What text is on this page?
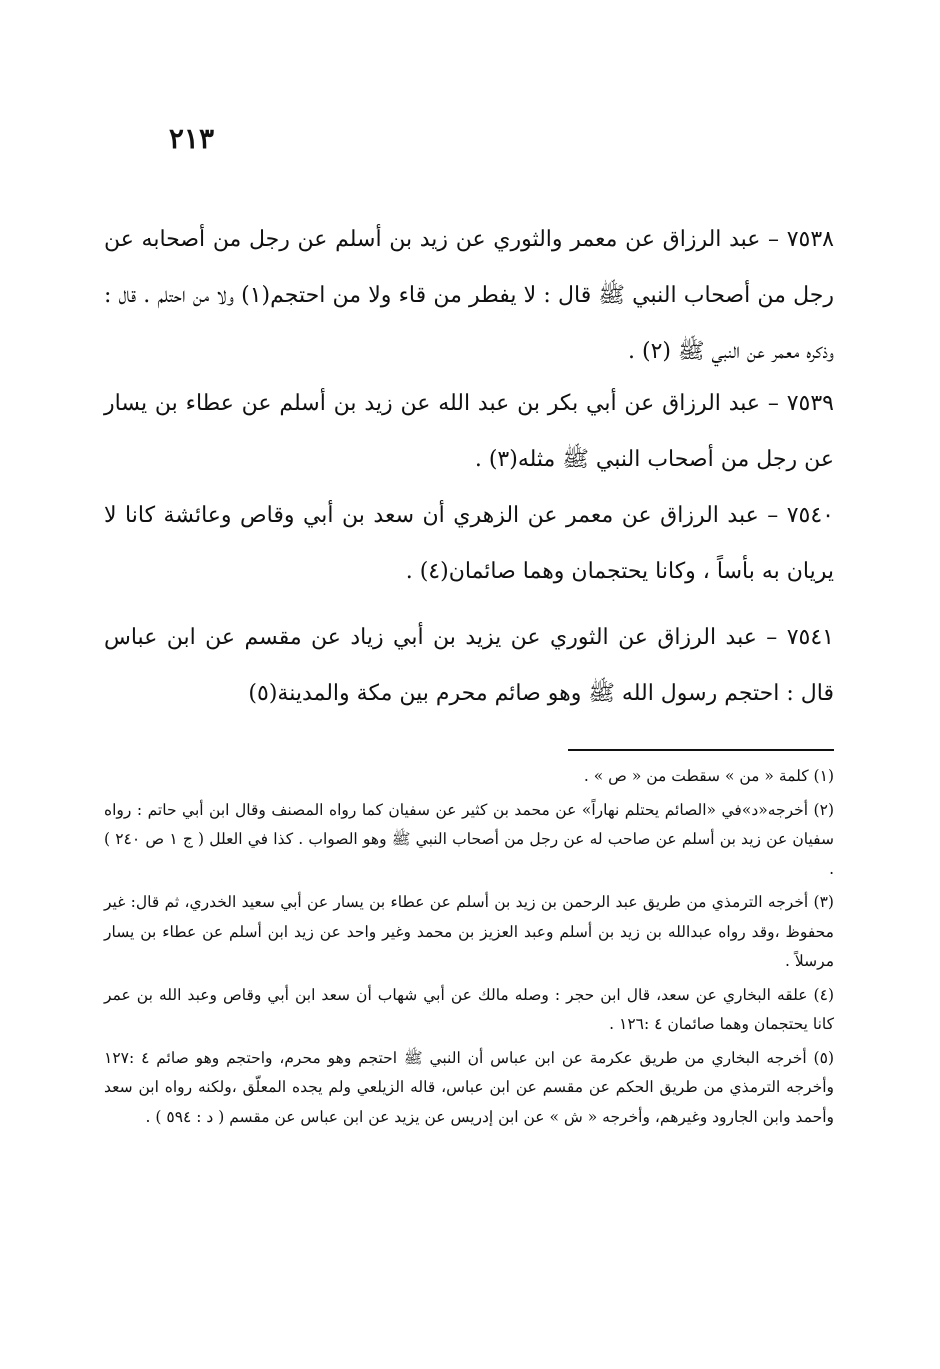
٢١٣

٧٥٣٨ – عبد الرزاق عن معمر والثوري عن زيد بن أسلم عن رجل من أصحابه عن رجل من أصحاب النبي ﷺ قال : لا يفطر من قاء ولا من احتجم(١) ولا من احتلم . قال : وذكره معمر عن النبي ﷺ (٢) .

٧٥٣٩ – عبد الرزاق عن أبي بكر بن عبد الله عن زيد بن أسلم عن عطاء بن يسار عن رجل من أصحاب النبي ﷺ مثله(٣) .

٧٥٤٠ – عبد الرزاق عن معمر عن الزهري أن سعد بن أبي وقاص وعائشة كانا لا يريان به بأساً ، وكانا يحتجمان وهما صائمان(٤) .

٧٥٤١ – عبد الرزاق عن الثوري عن يزيد بن أبي زياد عن مقسم عن ابن عباس قال : احتجم رسول الله ﷺ وهو صائم محرم بين مكة والمدينة(٥)

(١) كلمة « من » سقطت من « ص » .

(٢) أخرجه«د»في «الصائم يحتلم نهاراً» عن محمد بن كثير عن سفيان كما رواه المصنف وقال ابن أبي حاتم : رواه سفيان عن زيد بن أسلم عن صاحب له عن رجل من أصحاب النبي ﷺ وهو الصواب . كذا في العلل ( ج ١ ص ٢٤٠ ) .

(٣) أخرجه الترمذي من طريق عبد الرحمن بن زيد بن أسلم عن عطاء بن يسار عن أبي سعيد الخدري، ثم قال: غير محفوظ ،وقد رواه عبدالله بن زيد بن أسلم وعبد العزيز بن محمد وغير واحد عن زيد ابن أسلم عن عطاء بن يسار مرسلاً .

(٤) علقه البخاري عن سعد، قال ابن حجر : وصله مالك عن أبي شهاب أن سعد ابن أبي وقاص وعبد الله بن عمر كانا يحتجمان وهما صائمان ٤ :١٢٦ .

(٥) أخرجه البخاري من طريق عكرمة عن ابن عباس أن النبي ﷺ احتجم وهو محرم، واحتجم وهو صائم ٤ :١٢٧ وأخرجه الترمذي من طريق الحكم عن مقسم عن ابن عباس، قاله الزيلعي ولم يجده المعلّق ،ولكنه رواه ابن سعد وأحمد وابن الجارود وغيرهم، وأخرجه « ش » عن ابن إدريس عن يزيد عن ابن عباس عن مقسم ( د : ٥٩٤ ) .
